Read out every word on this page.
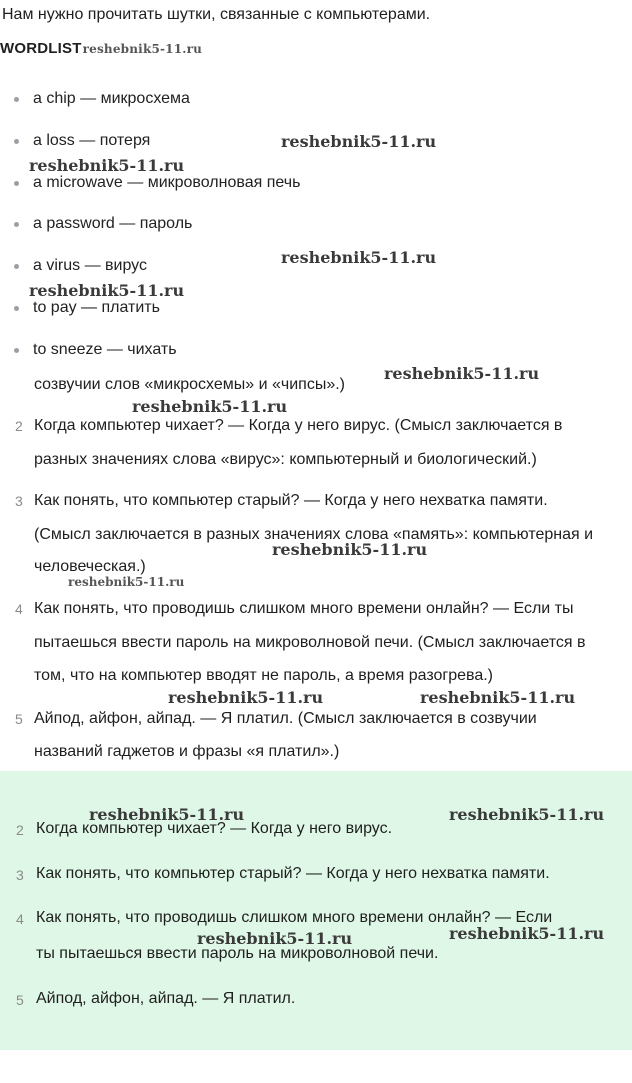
Нам нужно прочитать шутки, связанные с компьютерами.
WORDLISTreshebnik5-11.ru
a chip — микросхема
a loss — потеря
a microwave — микроволновая печь
a password — пароль
a virus — вирус
to pay — платить
to sneeze — чихать
созвучии слов «микросхемы» и «чипсы».)
2 Когда компьютер чихает? — Когда у него вирус. (Смысл заключается в
разных значениях слова «вирус»: компьютерный и биологический.)
3 Как понять, что компьютер старый? — Когда у него нехватка памяти.
(Смысл заключается в разных значениях слова «память»: компьютерная и
человеческая.)
4 Как понять, что проводишь слишком много времени онлайн? — Если ты
пытаешься ввести пароль на микроволновой печи. (Смысл заключается в
том, что на компьютер вводят не пароль, а время разогрева.)
5 Айпод, айфон, айпад. — Я платил. (Смысл заключается в созвучии
названий гаджетов и фразы «я платил».)
2 Когда компьютер чихает? — Когда у него вирус.
3 Как понять, что компьютер старый? — Когда у него нехватка памяти.
4 Как понять, что проводишь слишком много времени онлайн? — Если
ты пытаешься ввести пароль на микроволновой печи.
5 Айпод, айфон, айпад. — Я платил.
reshebnik5-11.ru
reshebnik5-11.ru
reshebnik5-11.ru
reshebnik5-11.ru
reshebnik5-11.ru
reshebnik5-11.ru
reshebnik5-11.ru
reshebnik5-11.ru
reshebnik5-11.ru	reshebnik5-11.ru
reshebnik5-11.ru	reshebnik5-11.ru
reshebnik5-11.ru
reshebnik5-11.ru
